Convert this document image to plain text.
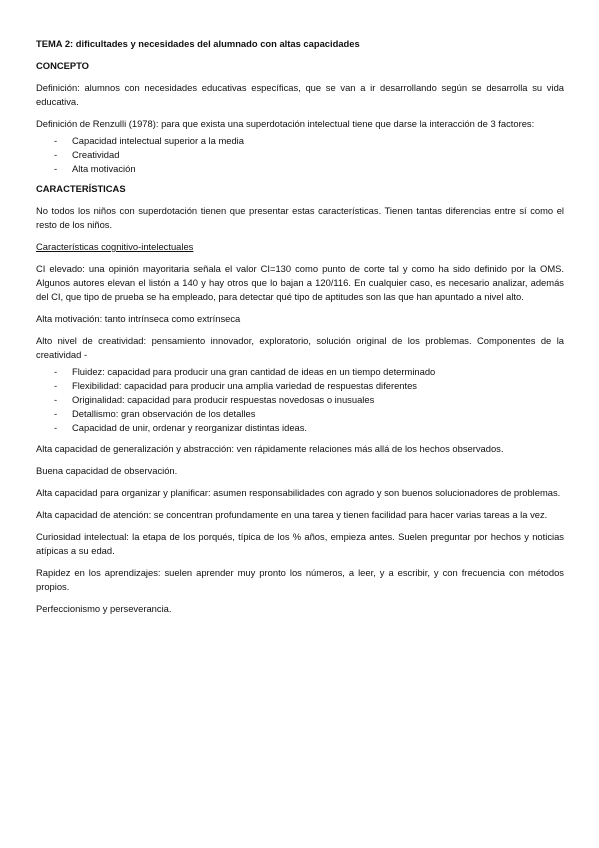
TEMA 2: dificultades y necesidades del alumnado con altas capacidades

CONCEPTO

Definición: alumnos con necesidades educativas específicas, que se van a ir desarrollando según se desarrolla su vida educativa.

Definición de Renzulli (1978): para que exista una superdotación intelectual tiene que darse la interacción de 3 factores:

- Capacidad intelectual superior a la media
- Creatividad
- Alta motivación

CARACTERÍSTICAS

No todos los niños con superdotación tienen que presentar estas características. Tienen tantas diferencias entre sí como el resto de los niños.

Características cognitivo-intelectuales

CI elevado: una opinión mayoritaria señala el valor CI=130 como punto de corte tal y como ha sido definido por la OMS. Algunos autores elevan el listón a 140 y hay otros que lo bajan a 120/116. En cualquier caso, es necesario analizar, además del CI, que tipo de prueba se ha empleado, para detectar qué tipo de aptitudes son las que han apuntado a nivel alto.

Alta motivación: tanto intrínseca como extrínseca

Alto nivel de creatividad: pensamiento innovador, exploratorio, solución original de los problemas. Componentes de la creatividad -

- Fluidez: capacidad para producir una gran cantidad de ideas en un tiempo determinado
- Flexibilidad: capacidad para producir una amplia variedad de respuestas diferentes
- Originalidad: capacidad para producir respuestas novedosas o inusuales
- Detallismo: gran observación de los detalles
- Capacidad de unir, ordenar y reorganizar distintas ideas.

Alta capacidad de generalización y abstracción: ven rápidamente relaciones más allá de los hechos observados.

Buena capacidad de observación.

Alta capacidad para organizar y planificar: asumen responsabilidades con agrado y son buenos solucionadores de problemas.

Alta capacidad de atención: se concentran profundamente en una tarea y tienen facilidad para hacer varias tareas a la vez.

Curiosidad intelectual: la etapa de los porqués, típica de los % años, empieza antes. Suelen preguntar por hechos y noticias atípicas a su edad.

Rapidez en los aprendizajes: suelen aprender muy pronto los números, a leer, y a escribir, y con frecuencia con métodos propios.

Perfeccionismo y perseverancia.
